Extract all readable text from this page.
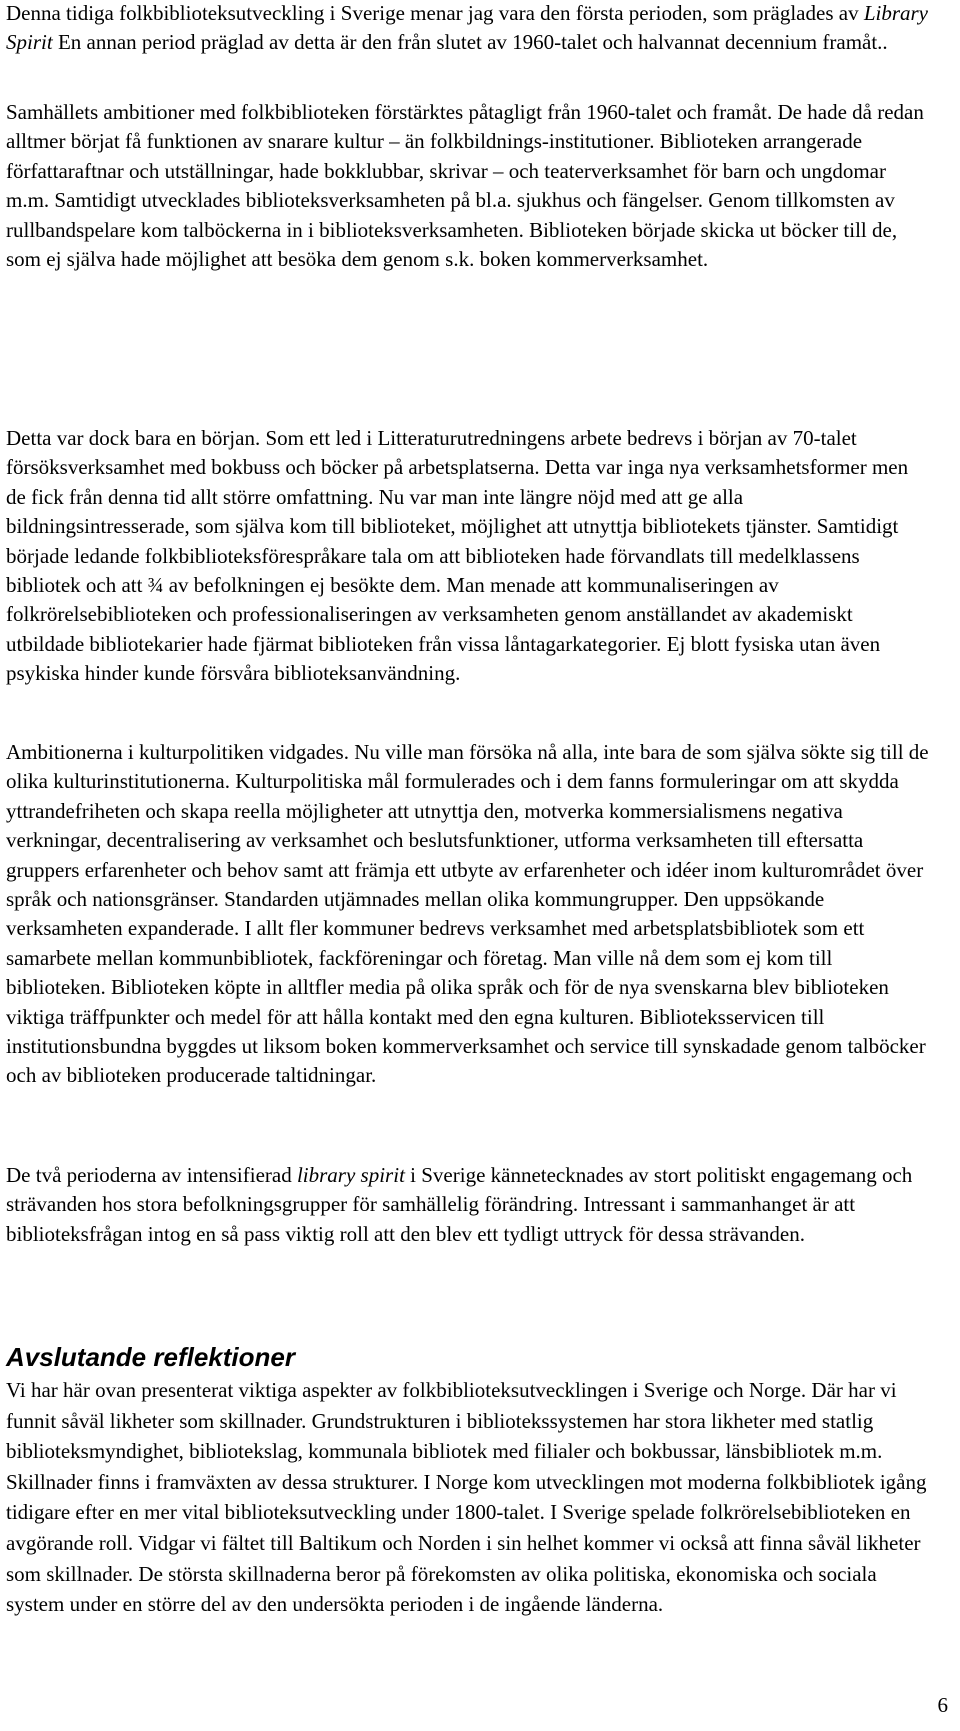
Denna tidiga folkbiblioteksutveckling i Sverige menar jag vara den första perioden, som präglades av Library Spirit En annan period präglad av detta är den från slutet av 1960-talet och halvannat decennium framåt..

Samhällets ambitioner med folkbiblioteken förstärktes påtagligt från 1960-talet och framåt. De hade då redan alltmer börjat få funktionen av snarare kultur – än folkbildnings-institutioner. Biblioteken arrangerade författaraftnar och utställningar, hade bokklubbar, skrivar – och teaterverksamhet för barn och ungdomar m.m. Samtidigt utvecklades biblioteksverksamheten på bl.a. sjukhus och fängelser. Genom tillkomsten av rullbandspelare kom talböckerna in i biblioteksverksamheten. Biblioteken började skicka ut böcker till de, som ej själva hade möjlighet att besöka dem genom s.k. boken kommerverksamhet.

Detta var dock bara en början. Som ett led i Litteraturutredningens arbete bedrevs i början av 70-talet försöksverksamhet med bokbuss och böcker på arbetsplatserna. Detta var inga nya verksamhetsformer men de fick från denna tid allt större omfattning. Nu var man inte längre nöjd med att ge alla bildningsintresserade, som själva kom till biblioteket, möjlighet att utnyttja bibliotekets tjänster. Samtidigt började ledande folkbiblioteksförespråkare tala om att biblioteken hade förvandlats till medelklassens bibliotek och att ¾ av befolkningen ej besökte dem. Man menade att kommunaliseringen av folkrörelsebiblioteken och professionaliseringen av verksamheten genom anställandet av akademiskt utbildade bibliotekarier hade fjärmat biblioteken från vissa låntagarkategorier. Ej blott fysiska utan även psykiska hinder kunde försvåra biblioteksanvändning.

Ambitionerna i kulturpolitiken vidgades. Nu ville man försöka nå alla, inte bara de som själva sökte sig till de olika kulturinstitutionerna. Kulturpolitiska mål formulerades och i dem fanns formuleringar om att skydda yttrandefriheten och skapa reella möjligheter att utnyttja den, motverka kommersialismens negativa verkningar, decentralisering av verksamhet och beslutsfunktioner, utforma verksamheten till eftersatta gruppers erfarenheter och behov samt att främja ett utbyte av erfarenheter och idéer inom kulturområdet över språk och nationsgränser. Standarden utjämnades mellan olika kommungrupper. Den uppsökande verksamheten expanderade. I allt fler kommuner bedrevs verksamhet med arbetsplatsbibliotek som ett samarbete mellan kommunbibliotek, fackföreningar och företag. Man ville nå dem som ej kom till biblioteken. Biblioteken köpte in alltfler media på olika språk och för de nya svenskarna blev biblioteken viktiga träffpunkter och medel för att hålla kontakt med den egna kulturen. Biblioteksservicen till institutionsbundna byggdes ut liksom boken kommerverksamhet och service till synskadade genom talböcker och av biblioteken producerade taltidningar.

De två perioderna av intensifierad library spirit i Sverige kännetecknades av stort politiskt engagemang och strävanden hos stora befolkningsgrupper för samhällelig förändring. Intressant i sammanhanget är att biblioteksfrågan intog en så pass viktig roll att den blev ett tydligt uttryck för dessa strävanden.

Avslutande reflektioner

Vi har här ovan presenterat viktiga aspekter av folkbiblioteksutvecklingen i Sverige och Norge. Där har vi funnit såväl likheter som skillnader. Grundstrukturen i bibliotekssystemen har stora likheter med statlig biblioteksmyndighet, bibliotekslag, kommunala bibliotek med filialer och bokbussar, länsbibliotek m.m. Skillnader finns i framväxten av dessa strukturer. I Norge kom utvecklingen mot moderna folkbibliotek igång tidigare efter en mer vital biblioteksutveckling under 1800-talet. I Sverige spelade folkrörelsebiblioteken en avgörande roll. Vidgar vi fältet till Baltikum och Norden i sin helhet kommer vi också att finna såväl likheter som skillnader. De största skillnaderna beror på förekomsten av olika politiska, ekonomiska och sociala system under en större del av den undersökta perioden i de ingående länderna.

6
